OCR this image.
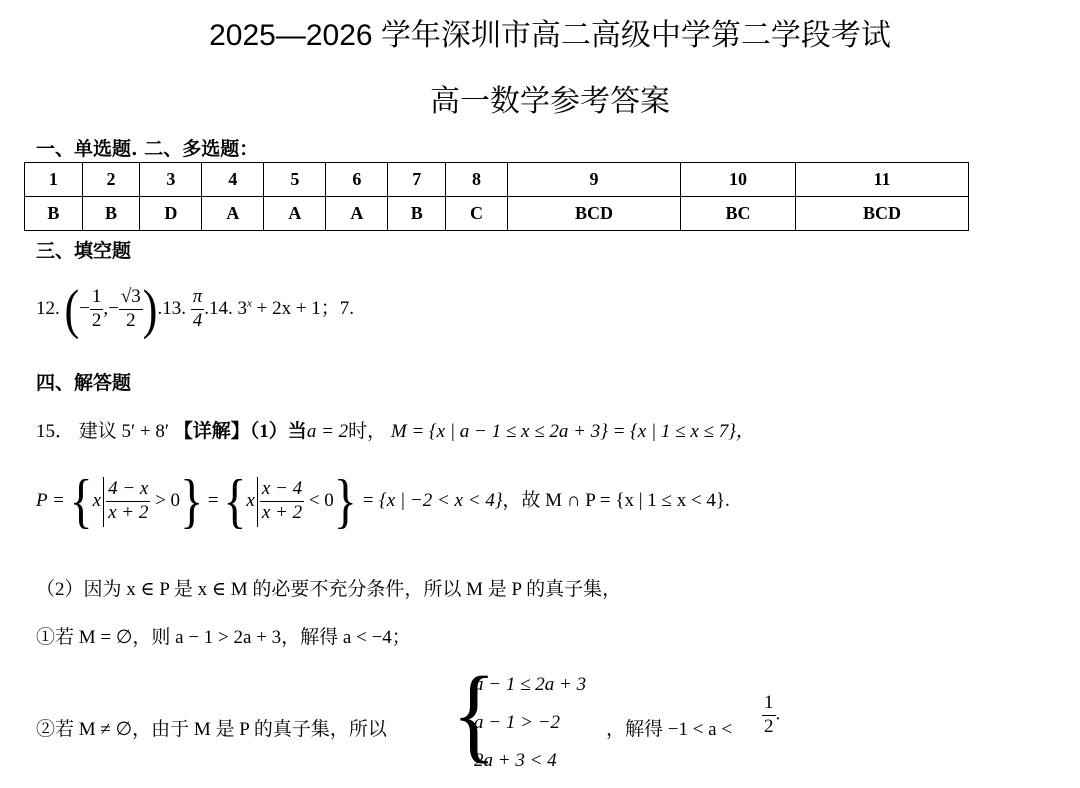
2025—2026 学年深圳市高二高级中学第二学段考试
高一数学参考答案
一、单选题. 二、多选题：
1	2	3	4	5	6	7	8	9	10	11
B	B	D	A	A	A	B	C	BCD	BC	BCD
三、填空题
12. (− $\frac{1}{2}$ ,− $\frac{√3}{2} ).13$. $\frac{\pi}{4} .14$. $3^x + 2x + 1$；7.
四、解答题
15． 建议 5′ + 8′ 【详解】（1）当a = 2时， M = {x | a − 1 ≤ x ≤ 2a + 3} = {x | 1 ≤ x ≤ 7}，
$P = \{x \frac{4 - x}{x + 2} > 0\} = \{x \frac{x - 4}{x + 2} < 0\} = \{x$ | −2 < x < 4}，故 M ∩ P = {x | 1 ≤ x < 4}.
（2）因为 x ∈ P 是 x ∈ M 的必要不充分条件，所以 M 是 P 的真子集，
①若 M = ∅，则 a − 1 > 2a + 3，解得 a < −4；
②若 M ≠ ∅，由于 M 是 P 的真子集，所以 {
a − 1 ≤ 2a + 3
a − 1 > −2
2a + 3 < 4
，解得 $-1 < a < \frac{1}{2}$ .
